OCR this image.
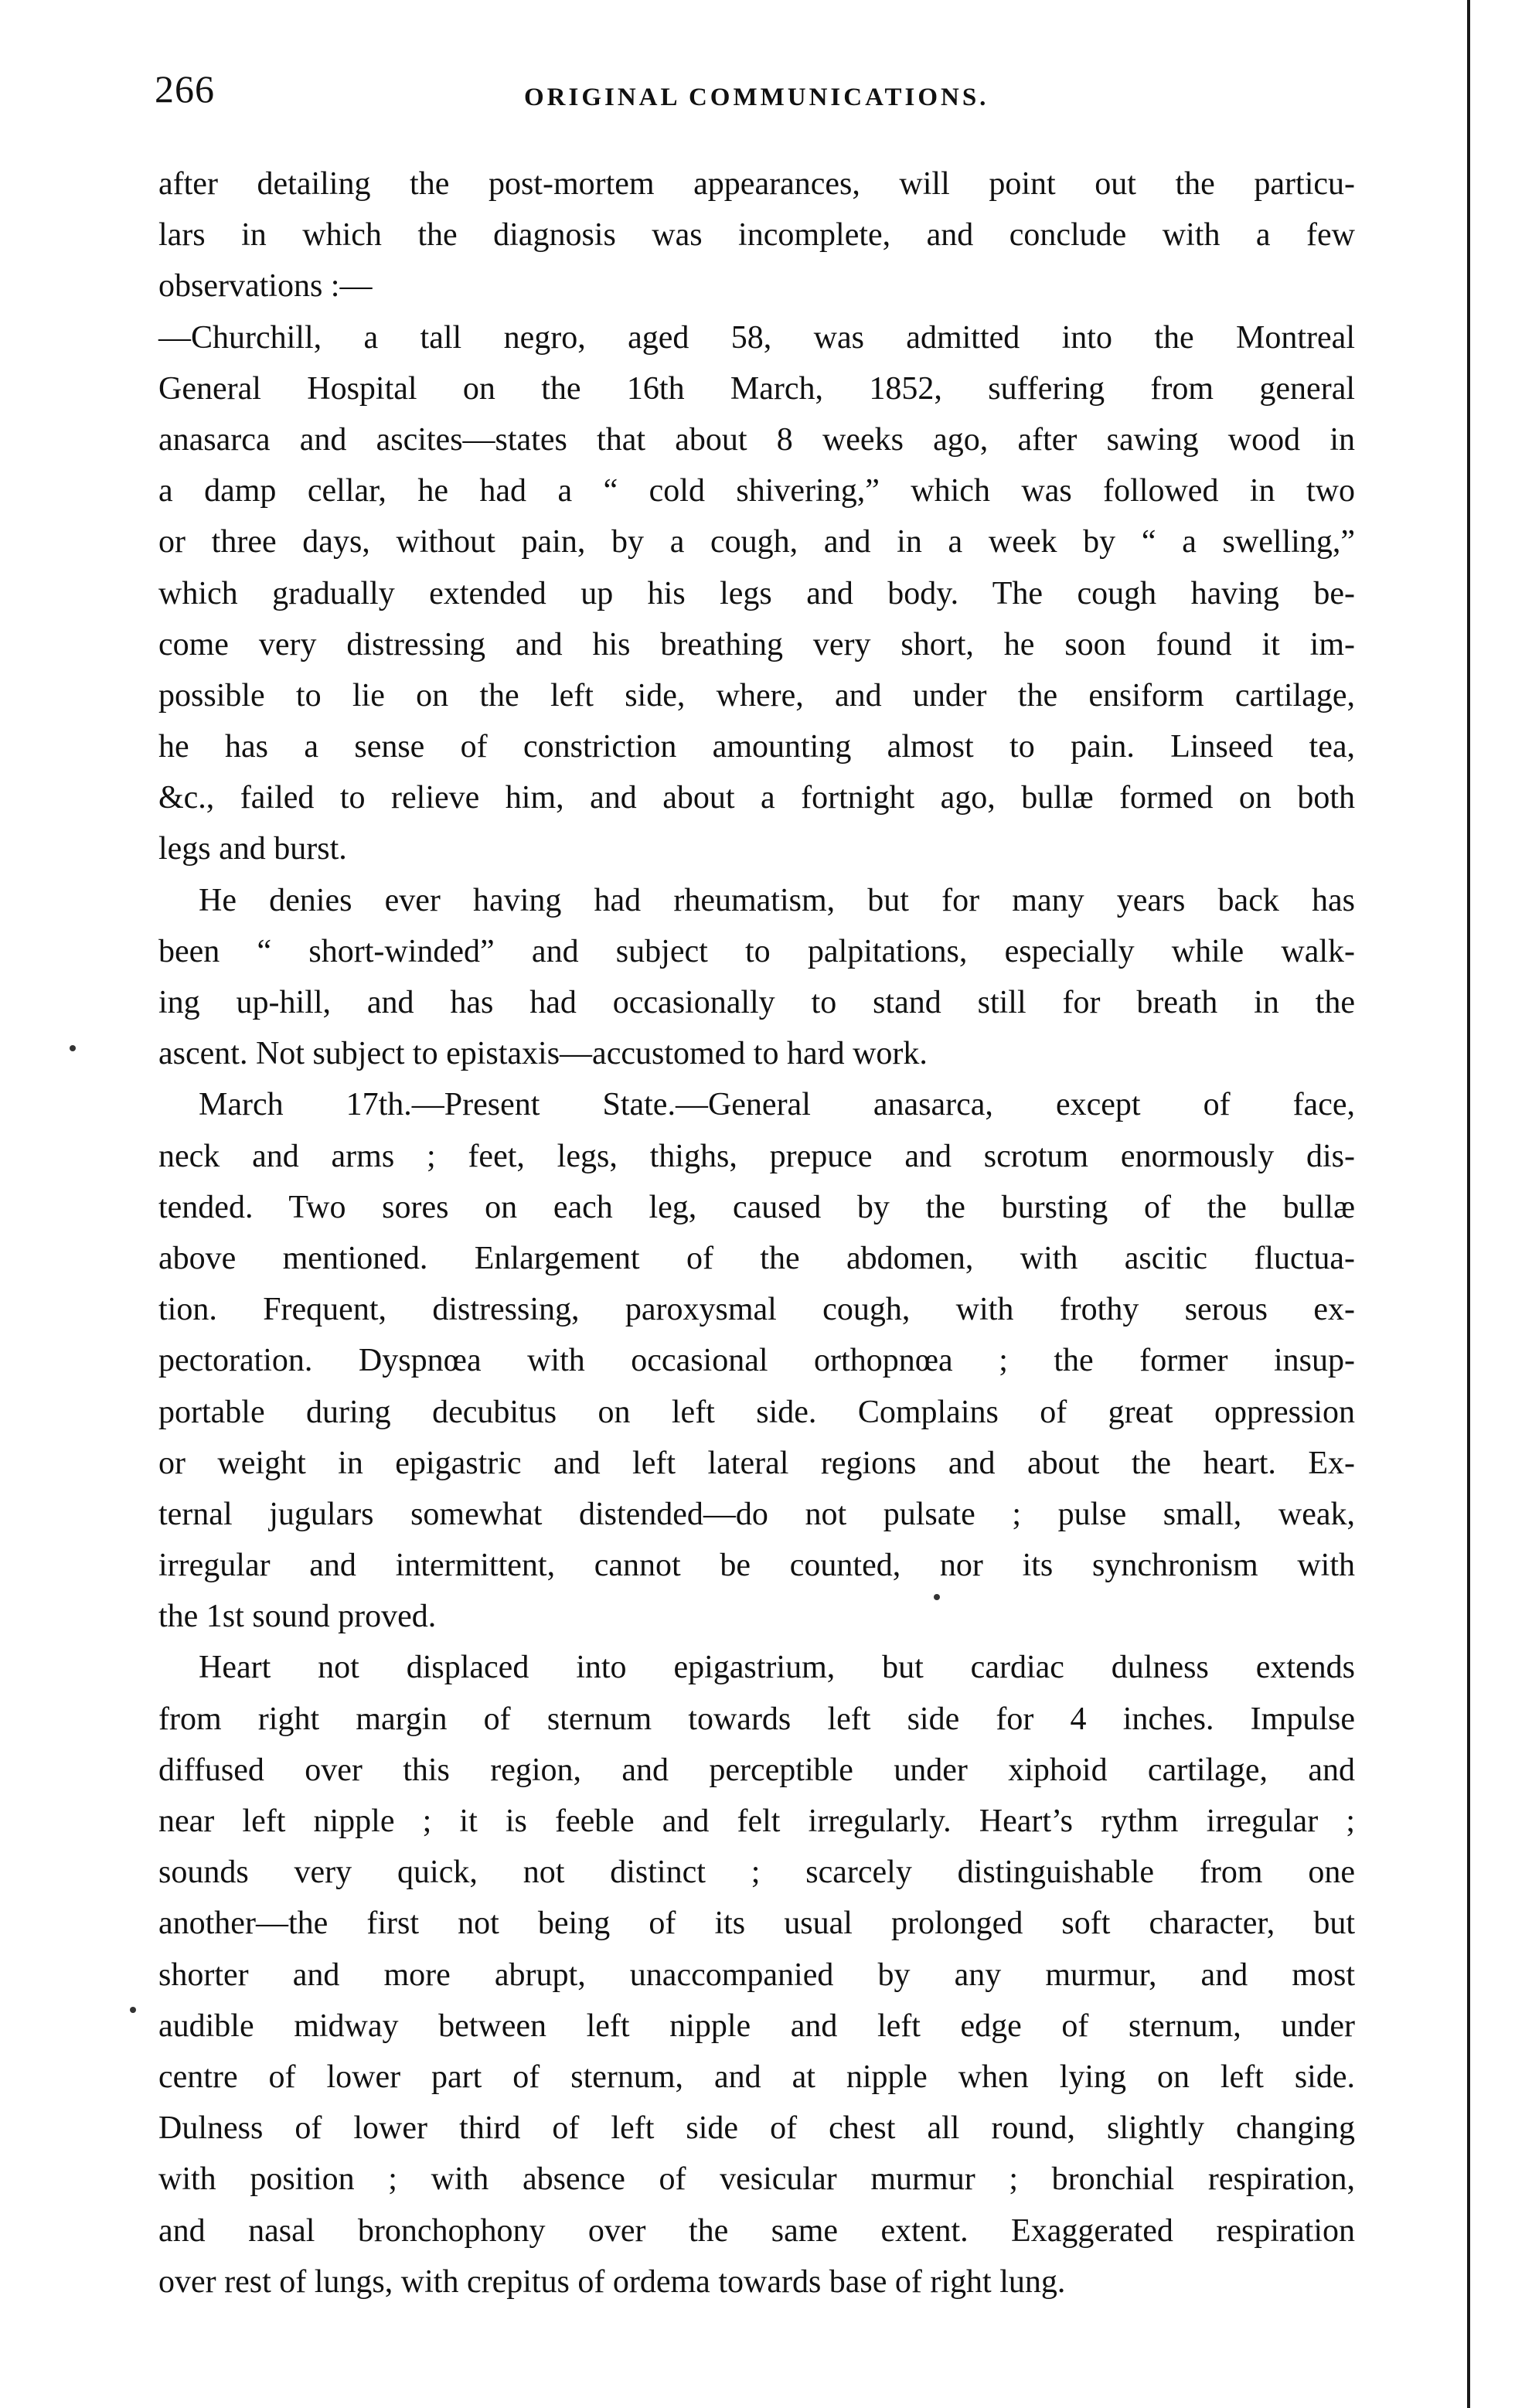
266	ORIGINAL COMMUNICATIONS.
after detailing the post-mortem appearances, will point out the particu-
lars in which the diagnosis was incomplete, and conclude with a few
observations :—
—Churchill, a tall negro, aged 58, was admitted into the Montreal
General Hospital on the 16th March, 1852, suffering from general
anasarca and ascites—states that about 8 weeks ago, after sawing wood in
a damp cellar, he had a “ cold shivering,” which was followed in two
or three days, without pain, by a cough, and in a week by “ a swelling,”
which gradually extended up his legs and body. The cough having be-
come very distressing and his breathing very short, he soon found it im-
possible to lie on the left side, where, and under the ensiform cartilage,
he has a sense of constriction amounting almost to pain. Linseed tea,
&c., failed to relieve him, and about a fortnight ago, bullæ formed on both
legs and burst.
He denies ever having had rheumatism, but for many years back has
been “ short-winded” and subject to palpitations, especially while walk-
ing up-hill, and has had occasionally to stand still for breath in the
ascent. Not subject to epistaxis—accustomed to hard work.
March 17th.—Present State.—General anasarca, except of face,
neck and arms ; feet, legs, thighs, prepuce and scrotum enormously dis-
tended. Two sores on each leg, caused by the bursting of the bullæ
above mentioned. Enlargement of the abdomen, with ascitic fluctua-
tion. Frequent, distressing, paroxysmal cough, with frothy serous ex-
pectoration. Dyspnœa with occasional orthopnœa ; the former insup-
portable during decubitus on left side. Complains of great oppression
or weight in epigastric and left lateral regions and about the heart. Ex-
ternal jugulars somewhat distended—do not pulsate ; pulse small, weak,
irregular and intermittent, cannot be counted, nor its synchronism with
the 1st sound proved.
Heart not displaced into epigastrium, but cardiac dulness extends
from right margin of sternum towards left side for 4 inches. Impulse
diffused over this region, and perceptible under xiphoid cartilage, and
near left nipple ; it is feeble and felt irregularly. Heart’s rythm irregular ;
sounds very quick, not distinct ; scarcely distinguishable from one
another—the first not being of its usual prolonged soft character, but
shorter and more abrupt, unaccompanied by any murmur, and most
audible midway between left nipple and left edge of sternum, under
centre of lower part of sternum, and at nipple when lying on left side.
Dulness of lower third of left side of chest all round, slightly changing
with position ; with absence of vesicular murmur ; bronchial respiration,
and nasal bronchophony over the same extent. Exaggerated respiration
over rest of lungs, with crepitus of ordema towards base of right lung.
